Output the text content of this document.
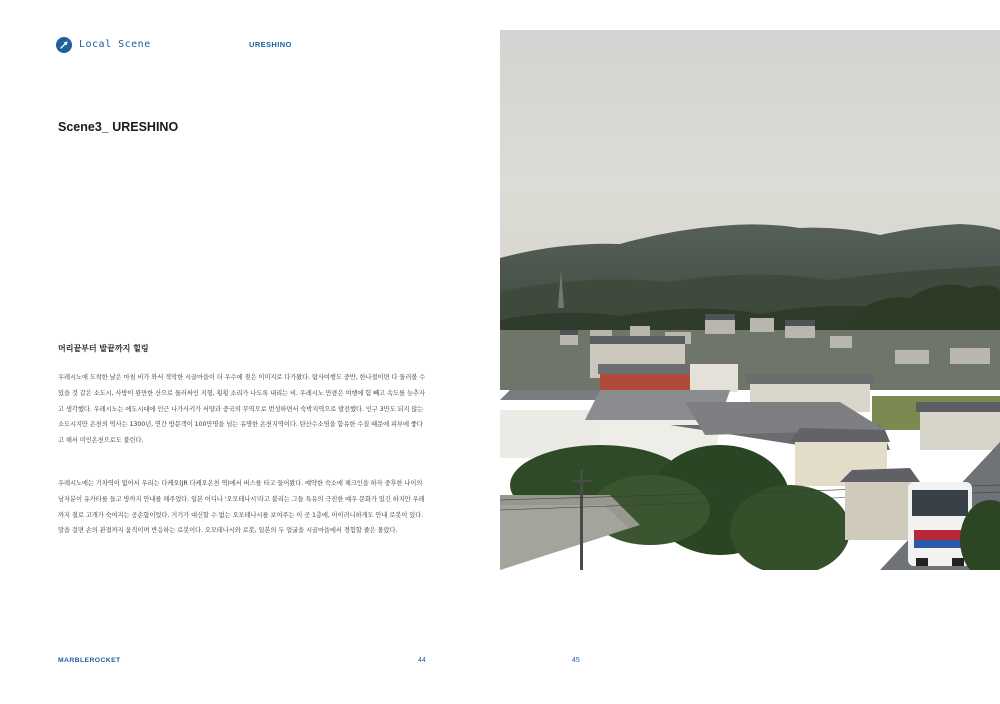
Local Scene	URESHINO
Scene3_ URESHINO
머리끝부터 발끝까지 힐링
우레시노에 도착한 날은 마침 비가 와서 적막한 시골마을이 더 우수에 젖은 이미지로 다가왔다. 탐사여행도 중반, 한나절이면 다 둘러볼 수 있을 것 같은 소도시, 사방이 완만한 산으로 둘러싸인 지형, 횡횡 소리가 나도록 내리는 비. 우레시노 만큼은 여행에 힘 빼고 속도를 늦추자고 생각했다. 우레시노는 에도시대에 인근 나가사키가 서양과 중국의 무역으로 번성하면서 숙박지역으로 발전했다. 인구 3만도 되지 않는 소도시지만 온천의 역사는 1300년, 연간 방문객이 100만명을 넘는 유명한 온천지역이다. 탄산수소염을 함유한 수질 때문에 피부에 좋다고 해서 미인온천으로도 불린다.
우레시노에는 기차역이 없어서 우리는 다케오(JR 다케오온천 역)에서 버스를 타고 들어왔다. 예약한 숙소에 체크인을 하자 중후한 나이의 남자분이 유카타를 들고 방까지 안내를 해주었다. 일본 어디나 '오모테나시'라고 불리는 그들 특유의 극진한 예우 문화가 있긴 하지만 우레까지 절로 고개가 숙여지는 공손함이었다. 거기가 대신할 수 없는 오모테나시를 보여주는 이 곳 1층에, 아이러니하게도 안내 로봇이 있다. 말을 걸면 손의 관절까지 움직이며 반응하는 로봇이다. 오모테나시와 로봇, 일본의 두 얼굴을 시골마을에서 경험할 줄은 몰랐다.
MARBLEROCKET	44	45
